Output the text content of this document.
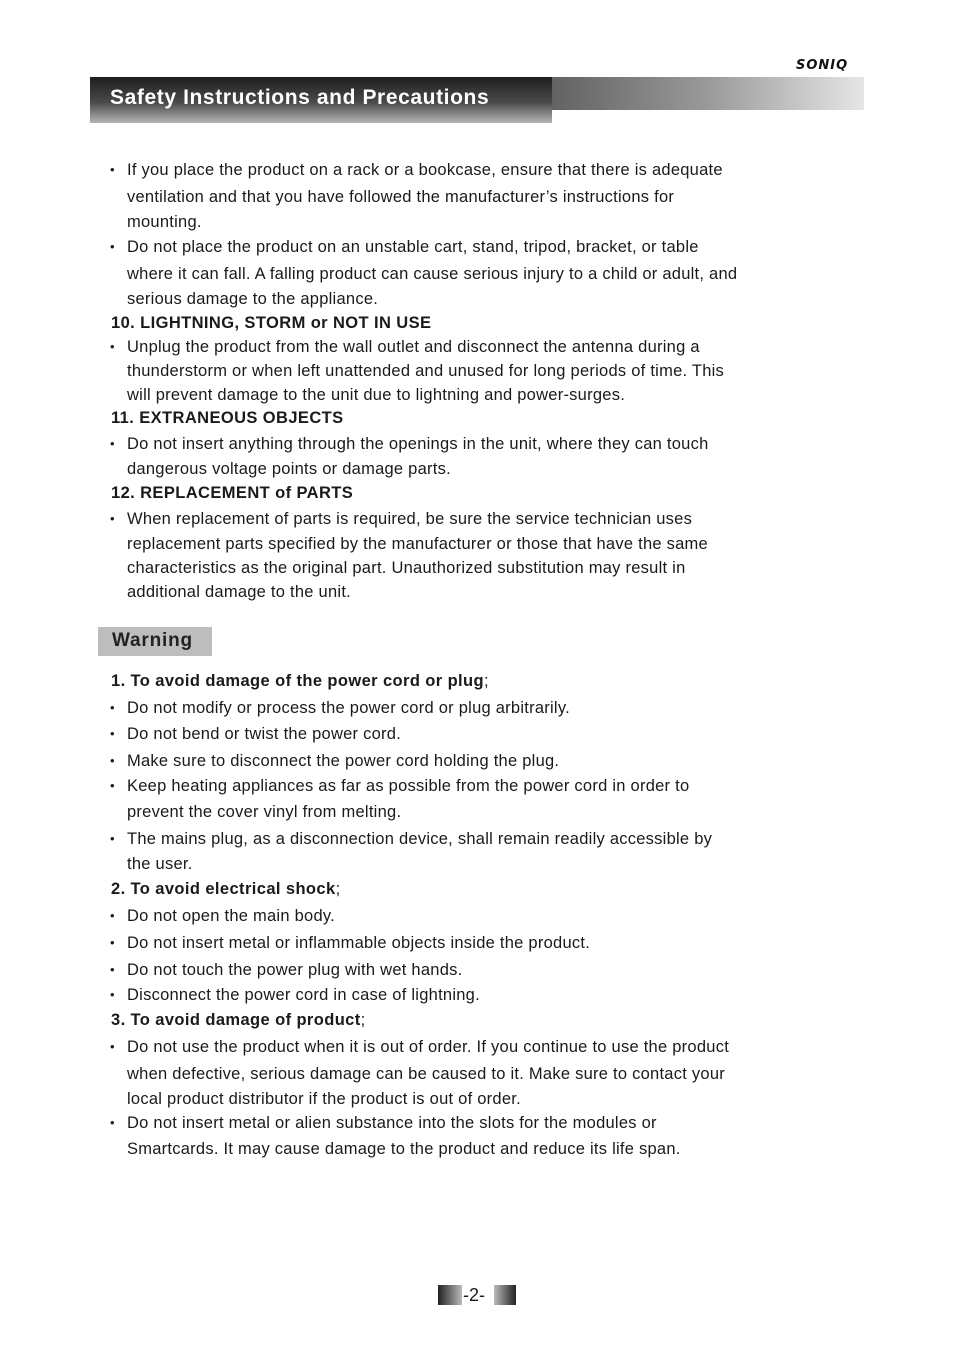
SONIQ
Safety Instructions and Precautions
• If you place the product on a rack or a bookcase, ensure that there is adequate
ventilation and that you have followed the manufacturer’s instructions for
mounting.
• Do not place the product on an unstable cart, stand, tripod, bracket, or table
where it can fall. A falling product can cause serious injury to a child or adult, and
serious damage to the appliance.
10. LIGHTNING, STORM or NOT IN USE
• Unplug the product from the wall outlet and disconnect the antenna during a
thunderstorm or when left unattended and unused for long periods of time. This
will prevent damage to the unit due to lightning and power-surges.
11. EXTRANEOUS OBJECTS
• Do not insert anything through the openings in the unit, where they can touch
dangerous voltage points or damage parts.
12. REPLACEMENT of PARTS
• When replacement of parts is required, be sure the service technician uses
replacement parts specified by the manufacturer or those that have the same
characteristics as the original part. Unauthorized substitution may result in
additional damage to the unit.
Warning
1. To avoid damage of the power cord or plug;
• Do not modify or process the power cord or plug arbitrarily.
• Do not bend or twist the power cord.
• Make sure to disconnect the power cord holding the plug.
• Keep heating appliances as far as possible from the power cord in order to
prevent the cover vinyl from melting.
• The mains plug, as a disconnection device, shall remain readily accessible by
the user.
2. To avoid electrical shock;
• Do not open the main body.
• Do not insert metal or inflammable objects inside the product.
• Do not touch the power plug with wet hands.
• Disconnect the power cord in case of lightning.
3. To avoid damage of product;
• Do not use the product when it is out of order. If you continue to use the product
when defective, serious damage can be caused to it. Make sure to contact your
local product distributor if the product is out of order.
• Do not insert metal or alien substance into the slots for the modules or
Smartcards. It may cause damage to the product and reduce its life span.
-2-
